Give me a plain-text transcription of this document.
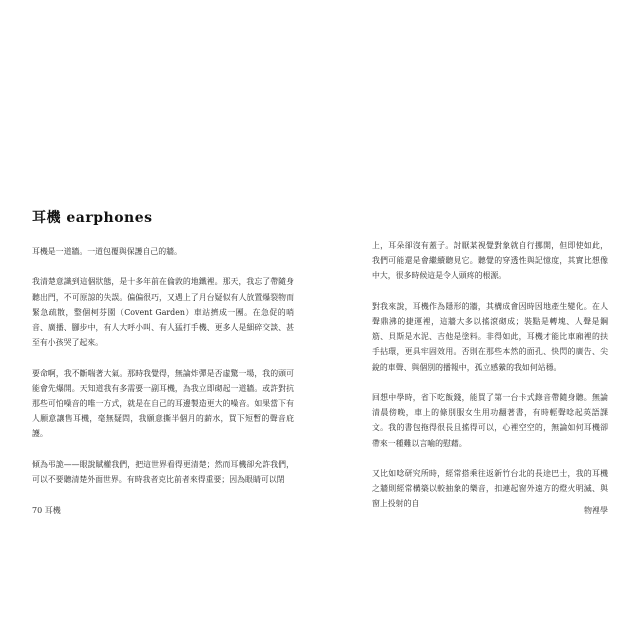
耳機 earphones

耳機是一道牆。一道包覆與保護自己的牆。

我清楚意識到這個狀態，是十多年前在倫敦的地鐵裡。那天，我忘了帶隨身聽出門，不可原諒的失誤。偏偏很巧，又遇上了月台疑似有人放置爆裂物而緊急疏散，整個柯芬園（Covent Garden）車站擠成一團。在急促的哨音、廣播、腳步中，有人大呼小叫、有人猛打手機、更多人是細碎交談、甚至有小孩哭了起來。

要命啊，我不斷喘著大氣。那時我覺得，無論炸彈是否虛驚一場，我的頭可能會先爆開。天知道我有多需要一副耳機，為我立即砌起一道牆。或許對抗那些可怕噪音的唯一方式，就是在自己的耳邊製造更大的噪音。如果當下有人願意讓售耳機，毫無疑問，我願意撕半個月的薪水，買下短暫的聲音庇護。

傾為弔詭——眼說賦權我們，把這世界看得更清楚；然而耳機卻允許我們，可以不要聽清楚外面世界。有時我者克比前者來得重要；因為眼睛可以閉

70 耳機

上，耳朵卻沒有蓋子。討厭某視覺對象就自行挪開，但即使如此，我們可能還是會繼續聽見它。聽覺的穿透性與記憶度，其實比想像中大，很多時候這是令人頭疼的根源。

對我來說，耳機作為隱形的牆，其構成會因時因地產生變化。在人聲鼎沸的捷運裡，這牆大多以搖滾砌成；裝點是轉塊、人聲是鋼筋、貝斯是水泥、吉他是塗料。非得如此，耳機才能比車廂裡的扶手拈環，更具牢固效用。否則在那些本然的面孔、快閃的廣告、尖銳的車聲、與個別的播報中，孤立感縈的我如何站穩。

回想中學時，省下吃飯錢，能買了第一台卡式錄音帶隨身聽。無論清晨傍晚，車上的條別服女生用功翻著書，有時輕聲唸起英語課文。我的書包拖得很長且搖得可以，心裡空空的，無論如何耳機卻帶來一種難以言喻的慰藉。

又比如唸研究所時，經常搭乘往返新竹台北的長途巴士，我的耳機之牆則經常構築以較抽象的樂音，扣連起窗外遠方的燈火明滅、與窗上投射的自

物裡學
